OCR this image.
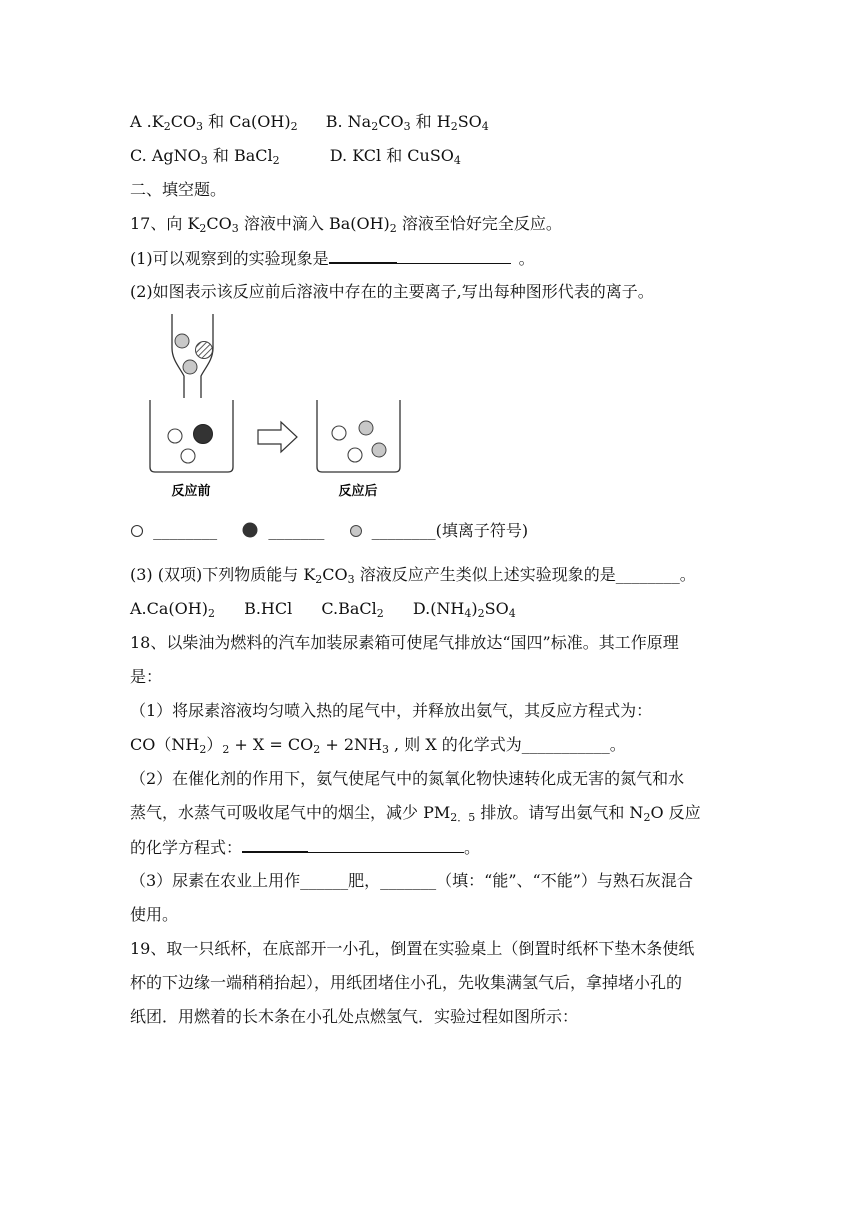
A $.K_2CO_3$ 和 $Ca(OH)_2$ B. $Na_2CO_3$ 和 $H_2SO_4$
C. AgNO$_3$ 和 BaCl$_2$	D. KCl 和 CuSO$_4$
二、填空题。
17、向 $K_2CO_3$ 溶液中滴入 $Ba(OH)_2$ 溶液至恰好完全反应。
(1)可以观察到的实验现象是	。
(2)如图表示该反应前后溶液中存在的主要离子,写出每种图形代表的离子。
反应前	反应后
________	_______	________(填离子符号)
(3) (双项)下列物质能与 $K_2CO_3$ 溶液反应产生类似上述实验现象的是________。
$A.Ca(OH)_2$ B.HCl C.BaCl$_2$ $D.(NH_4)_2SO_4$
18、以柴油为燃料的汽车加装尿素箱可使尾气排放达“国四”标准。其工作原理
是：
（1）将尿素溶液均匀喷入热的尾气中，并释放出氨气，其反应方程式为：
$CO(NH_2)_2 + X = CO_2 + 2NH_3$ , 则 X 的化学式为___________。
（2）在催化剂的作用下，氨气使尾气中的氮氧化物快速转化成无害的氮气和水
蒸气，水蒸气可吸收尾气中的烟尘，减少 $PM_{2.5}$ 排放。请写出氨气和 $N_2O$ 反应
的化学方程式：	。
（3）尿素在农业上用作______肥，_______（填：“能”、“不能”）与熟石灰混合
使用。
19、取一只纸杯，在底部开一小孔，倒置在实验桌上（倒置时纸杯下垫木条使纸
杯的下边缘一端稍稍抬起），用纸团堵住小孔，先收集满氢气后，拿掉堵小孔的
纸团．用燃着的长木条在小孔处点燃氢气．实验过程如图所示：
